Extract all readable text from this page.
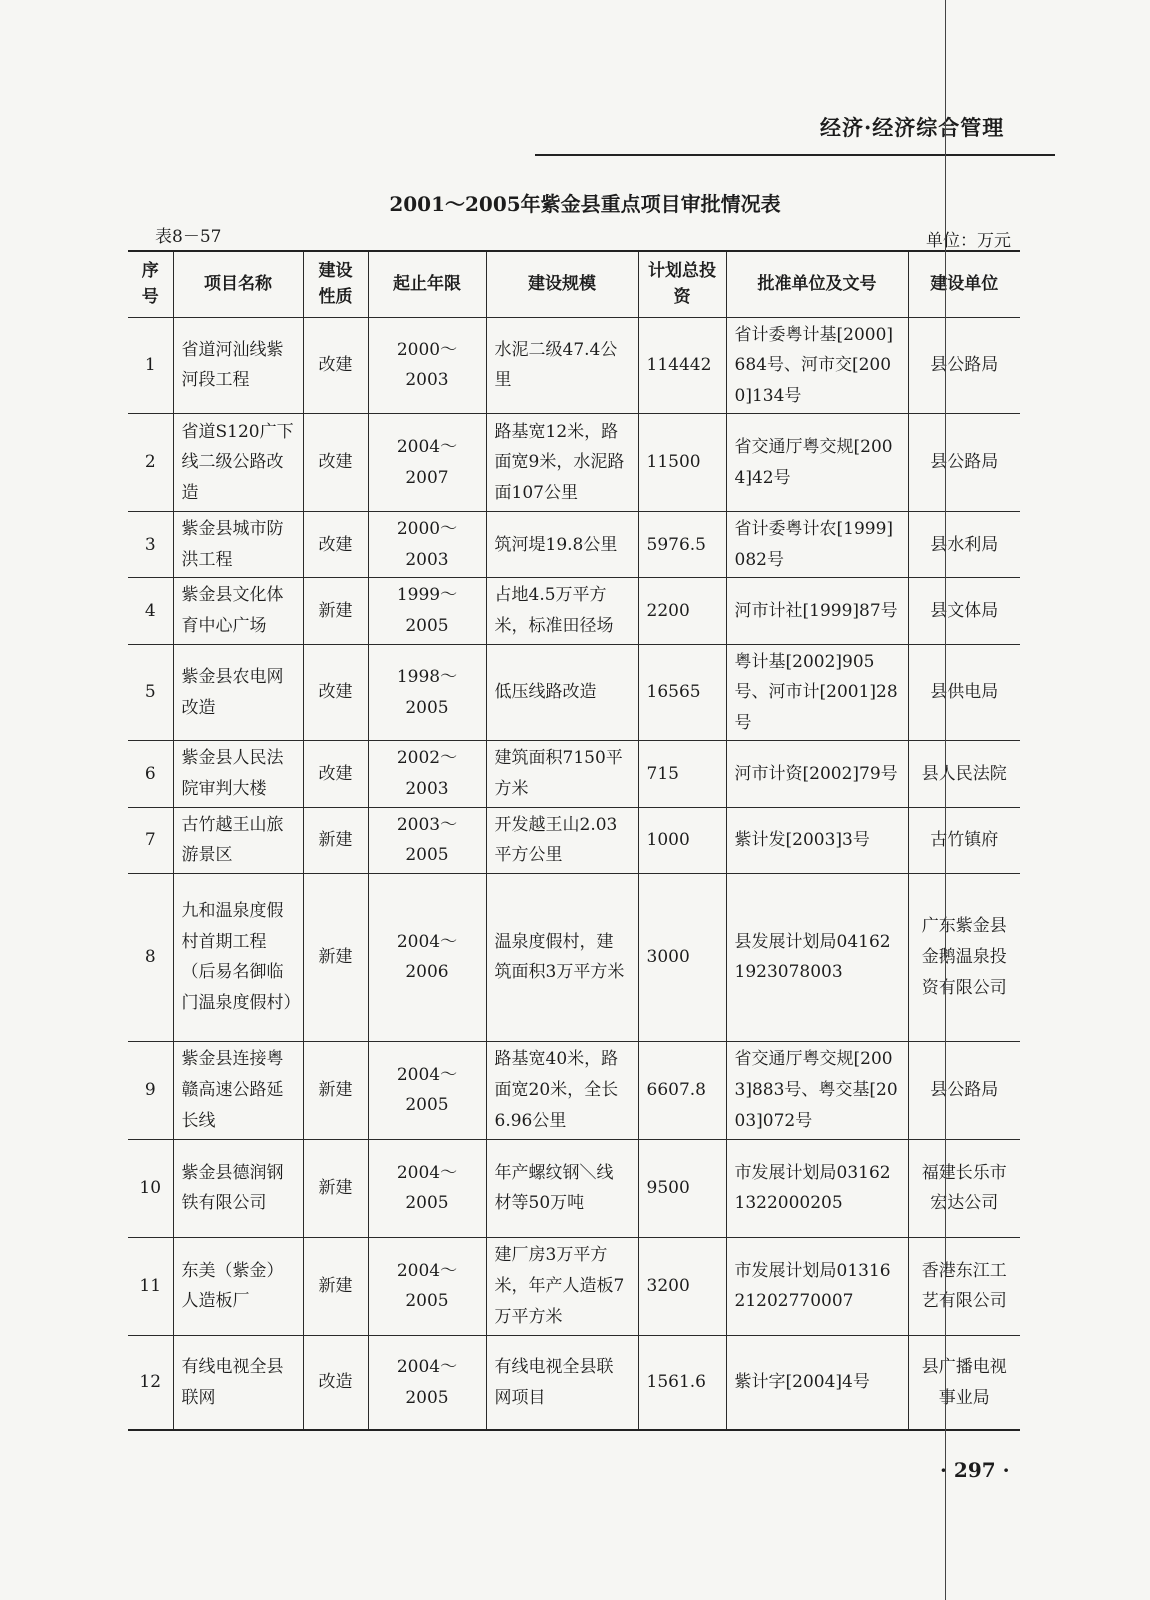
经济·经济综合管理
2001～2005年紫金县重点项目审批情况表
表8－57	单位：万元
序号	项目名称	建设性质	起止年限	建设规模	计划总投资	批准单位及文号	建设单位
1	省道河汕线紫河段工程	改建	2000～2003	水泥二级47.4公里	114442	省计委粤计基[2000]684号、河市交[2000]134号	县公路局
2	省道S120广下线二级公路改造	改建	2004～2007	路基宽12米，路面宽9米，水泥路面107公里	11500	省交通厅粤交规[2004]42号	县公路局
3	紫金县城市防洪工程	改建	2000～2003	筑河堤19.8公里	5976.5	省计委粤计农[1999]082号	县水利局
4	紫金县文化体育中心广场	新建	1999～2005	占地4.5万平方米，标准田径场	2200	河市计社[1999]87号	县文体局
5	紫金县农电网改造	改建	1998～2005	低压线路改造	16565	粤计基[2002]905号、河市计[2001]28号	县供电局
6	紫金县人民法院审判大楼	改建	2002～2003	建筑面积7150平方米	715	河市计资[2002]79号	县人民法院
7	古竹越王山旅游景区	新建	2003～2005	开发越王山2.03平方公里	1000	紫计发[2003]3号	古竹镇府
8	九和温泉度假村首期工程（后易名御临门温泉度假村）	新建	2004～2006	温泉度假村，建筑面积3万平方米	3000	县发展计划局041621923078003	广东紫金县金鹅温泉投资有限公司
9	紫金县连接粤赣高速公路延长线	新建	2004～2005	路基宽40米，路面宽20米，全长6.96公里	6607.8	省交通厅粤交规[2003]883号、粤交基[2003]072号	县公路局
10	紫金县德润钢铁有限公司	新建	2004～2005	年产螺纹钢＼线材等50万吨	9500	市发展计划局031621322000205	福建长乐市宏达公司
11	东美（紫金）人造板厂	新建	2004～2005	建厂房3万平方米，年产人造板7万平方米	3200	市发展计划局0131621202770007	香港东江工艺有限公司
12	有线电视全县联网	改造	2004～2005	有线电视全县联网项目	1561.6	紫计字[2004]4号	县广播电视事业局
· 297 ·
